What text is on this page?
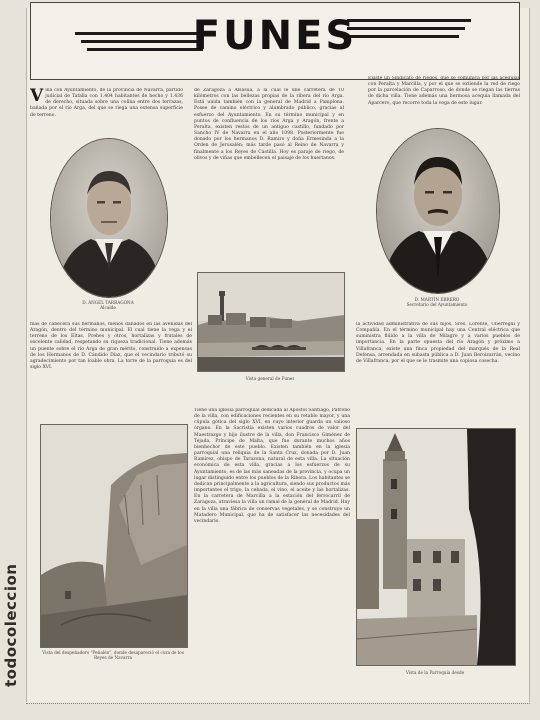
FUNES
Villa con Ayuntamiento, de la provincia de Navarra, partido judicial de Tafalla con 1.404 habitantes de hecho y 1.436 de derecho, situada sobre una colina entre dos terrazas, bañada por el río Arga, del que se riega una extensa superficie de terreno.
de Zaragoza a Alsasua, a la cual le une carretera de 10 kilómetros con las bellezas propias de la ribera del río Arga. Está unida también con la general de Madrid a Pamplona. Posee de camino eléctrico y alumbrado público, gracias al esfuerzo del Ayuntamiento. En su término municipal y en puntos de confluencia de los ríos Arga y Aragón, frente a Peralta, existen restos de un antiguo castillo, fundado por Sancho IV de Navarra en el año 1098. Posteriormente fue donado por los hermanos D. Ramiro y doña Ermesinda a la Orden de Jerusalén; más tarde pasó al Reino de Navarra y finalmente a los Reyes de Castilla. Hoy es paraje de riego, de olivos y de viñas que embellecen el paisaje de los huertanos.
Existe un Sindicato de riegos, que se comunica por las acequias con Peralta y Marcilla, y por el que se extiende la red de riego por la parcelación de Caparroso, de donde se riegan las tierras de dicha villa. Tiene además una hermosa acequia llamada del Aparcero, que recorre toda la vega de este lugar.
D. ÁNGEL TARRAGONA
Alcalde
D. MARTÍN ERRERO
Secretario del Ayuntamiento
Vista general de Funes
mas de cabecera sus hermanos, menos dañados en las avenidas del Aragón, dentro del término municipal. El cual tiene la vega y el terreno de los Eltas, Prehes y otros, hortalizas y frutales de excelente calidad, respetando su riqueza tradicional. Tiene además un puente sobre el río Arga de gran mérito, construido a expensas de los Hermanos de D. Cándido Díaz, que el vecindario tributó su agradecimiento por tan loable obra. La torre de la parroquia es del siglo XVI.
la actividad administrativa de sus hijos, Sres. Lorente, Uberregui y Compañía. En el término municipal hay una Central eléctrica que suministra flúido a la villa de Milagro y a varios pueblos de importancia. En la parte opuesta del río Aragón y próximo a Villafranca, existe una finca propiedad del marqués de la Real Defensa, arrendada en subasta pública a D. Juan Beroizarrán, vecino de Villafranca, por el que se le trasmite una copiosa cosecha.
Vista del despeñadero "Peñalén", donde desapareció el cura de los Reyes de Navarra
Tiene una iglesia parroquial dedicada al Apóstol Santiago, Patrono de la villa, con edificaciones recientes en su retablo mayor, y una cúpula gótica del siglo XVI, en cuyo interior guarda un valioso órgano. En la Sacristía existen varios cuadros de valor del Maestrazgo y hijo ilustre de la villa, don Francisco Giménez de Tejada, Príncipe de Malta, que fue durante muchos años bienhechor de este pueblo. Existen también en la iglesia parroquial una reliquia de la Santa Cruz, donada por D. Juan Ramírez, obispo de Tarazona, natural de esta villa. La situación económica de esta villa, gracias a los esfuerzos de su Ayuntamiento, es de las más saneadas de la provincia, y ocupa un lugar distinguido entre los pueblos de la Ribera. Los habitantes se dedican principalmente a la agricultura, siendo sus productos más importantes el trigo, la cebada, el vino, el aceite y las hortalizas. En la carretera de Marcilla a la estación del ferrocarril de Zaragoza, atraviesa la villa un ramal de la general de Madrid. Hay en la villa una fábrica de conservas vegetales, y se construye un Matadero Municipal, que ha de satisfacer las necesidades del vecindario.
Vista de la Parroquia desde
todocoleccion
